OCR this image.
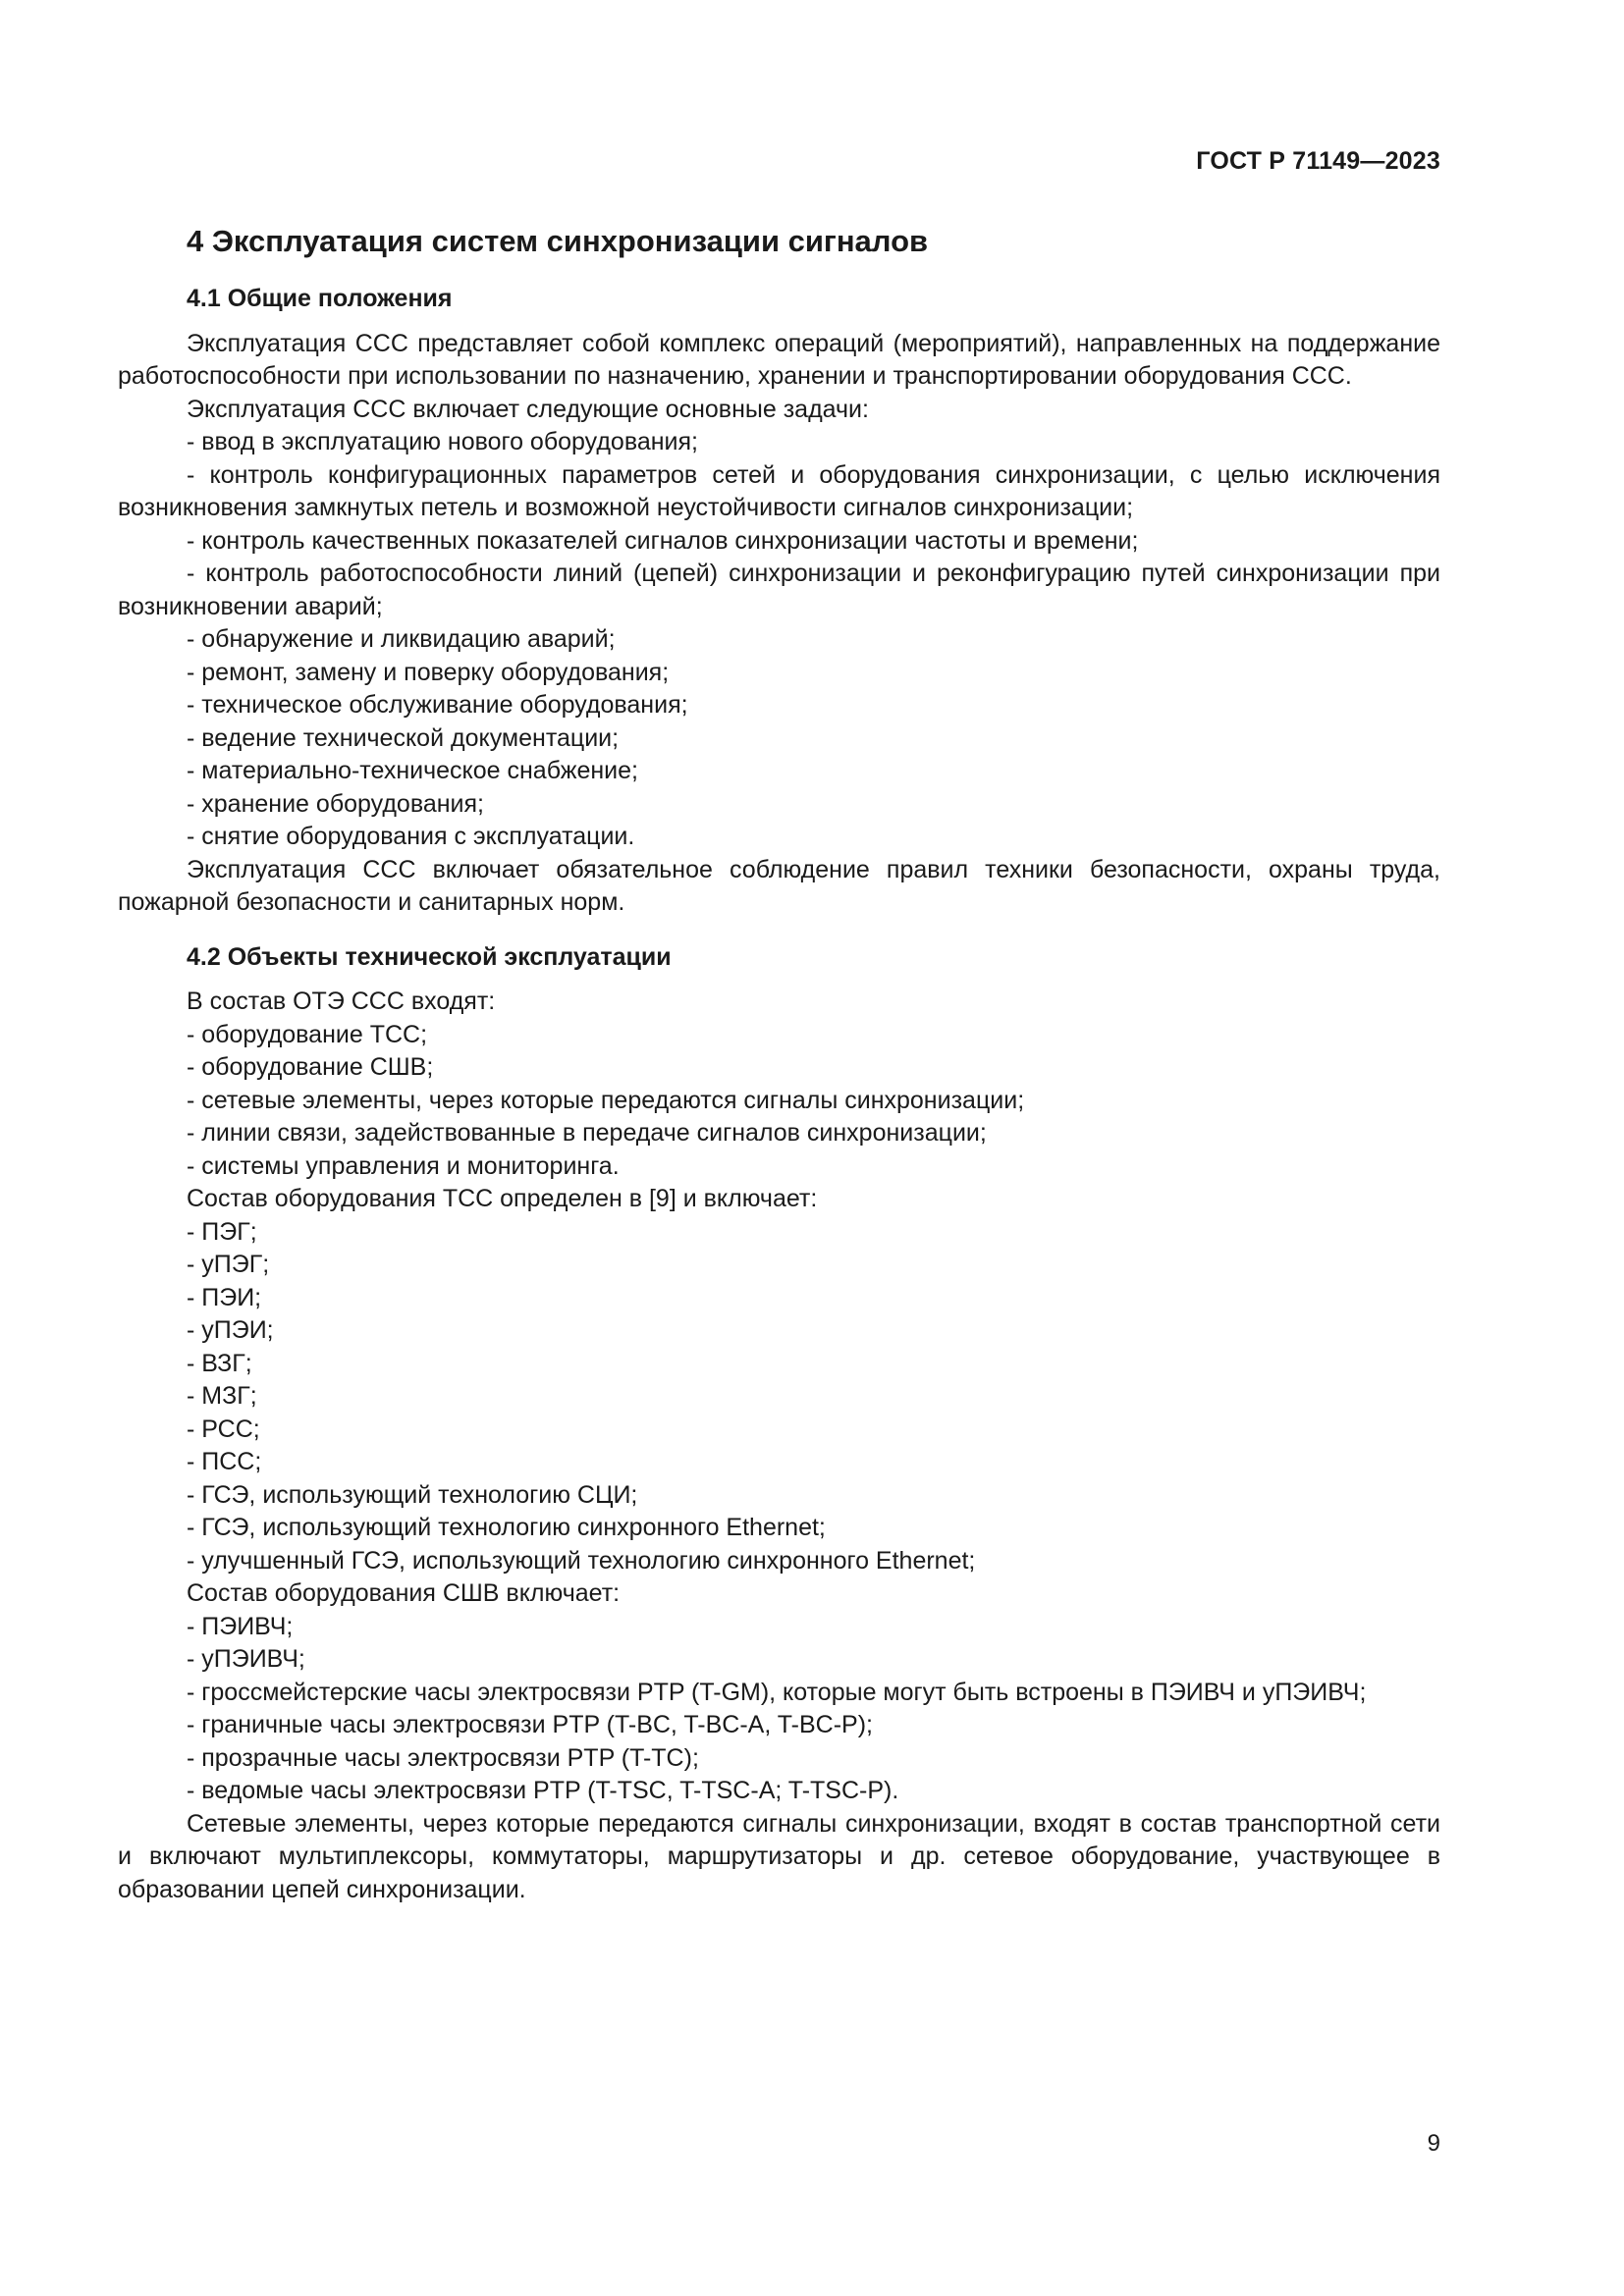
ГОСТ Р 71149—2023
4 Эксплуатация систем синхронизации сигналов
4.1 Общие положения

Эксплуатация ССС представляет собой комплекс операций (мероприятий), направленных на поддержание работоспособности при использовании по назначению, хранении и транспортировании оборудования ССС.

Эксплуатация ССС включает следующие основные задачи:

- ввод в эксплуатацию нового оборудования;

- контроль конфигурационных параметров сетей и оборудования синхронизации, с целью исключения возникновения замкнутых петель и возможной неустойчивости сигналов синхронизации;

- контроль качественных показателей сигналов синхронизации частоты и времени;

- контроль работоспособности линий (цепей) синхронизации и реконфигурацию путей синхронизации при возникновении аварий;

- обнаружение и ликвидацию аварий;

- ремонт, замену и поверку оборудования;

- техническое обслуживание оборудования;

- ведение технической документации;

- материально-техническое снабжение;

- хранение оборудования;

- снятие оборудования с эксплуатации.

Эксплуатация ССС включает обязательное соблюдение правил техники безопасности, охраны труда, пожарной безопасности и санитарных норм.

4.2 Объекты технической эксплуатации

В состав ОТЭ ССС входят:

- оборудование ТСС;

- оборудование СШВ;

- сетевые элементы, через которые передаются сигналы синхронизации;

- линии связи, задействованные в передаче сигналов синхронизации;

- системы управления и мониторинга.

Состав оборудования ТСС определен в [9] и включает:

- ПЭГ;

- уПЭГ;

- ПЭИ;

- уПЭИ;

- ВЗГ;

- МЗГ;

- РСС;

- ПСС;

- ГСЭ, использующий технологию СЦИ;

- ГСЭ, использующий технологию синхронного Ethernet;

- улучшенный ГСЭ, использующий технологию синхронного Ethernet;

Состав оборудования СШВ включает:

- ПЭИВЧ;

- уПЭИВЧ;

- гроссмейстерские часы электросвязи PTP (T-GM), которые могут быть встроены в ПЭИВЧ и уПЭИВЧ;

- граничные часы электросвязи PTP (T-BC, T-BC-A, T-BC-P);

- прозрачные часы электросвязи PTP (T-TC);

- ведомые часы электросвязи PTP (T-TSC, T-TSC-A; T-TSC-P).

Сетевые элементы, через которые передаются сигналы синхронизации, входят в состав транспортной сети и включают мультиплексоры, коммутаторы, маршрутизаторы и др. сетевое оборудование, участвующее в образовании цепей синхронизации.

9
